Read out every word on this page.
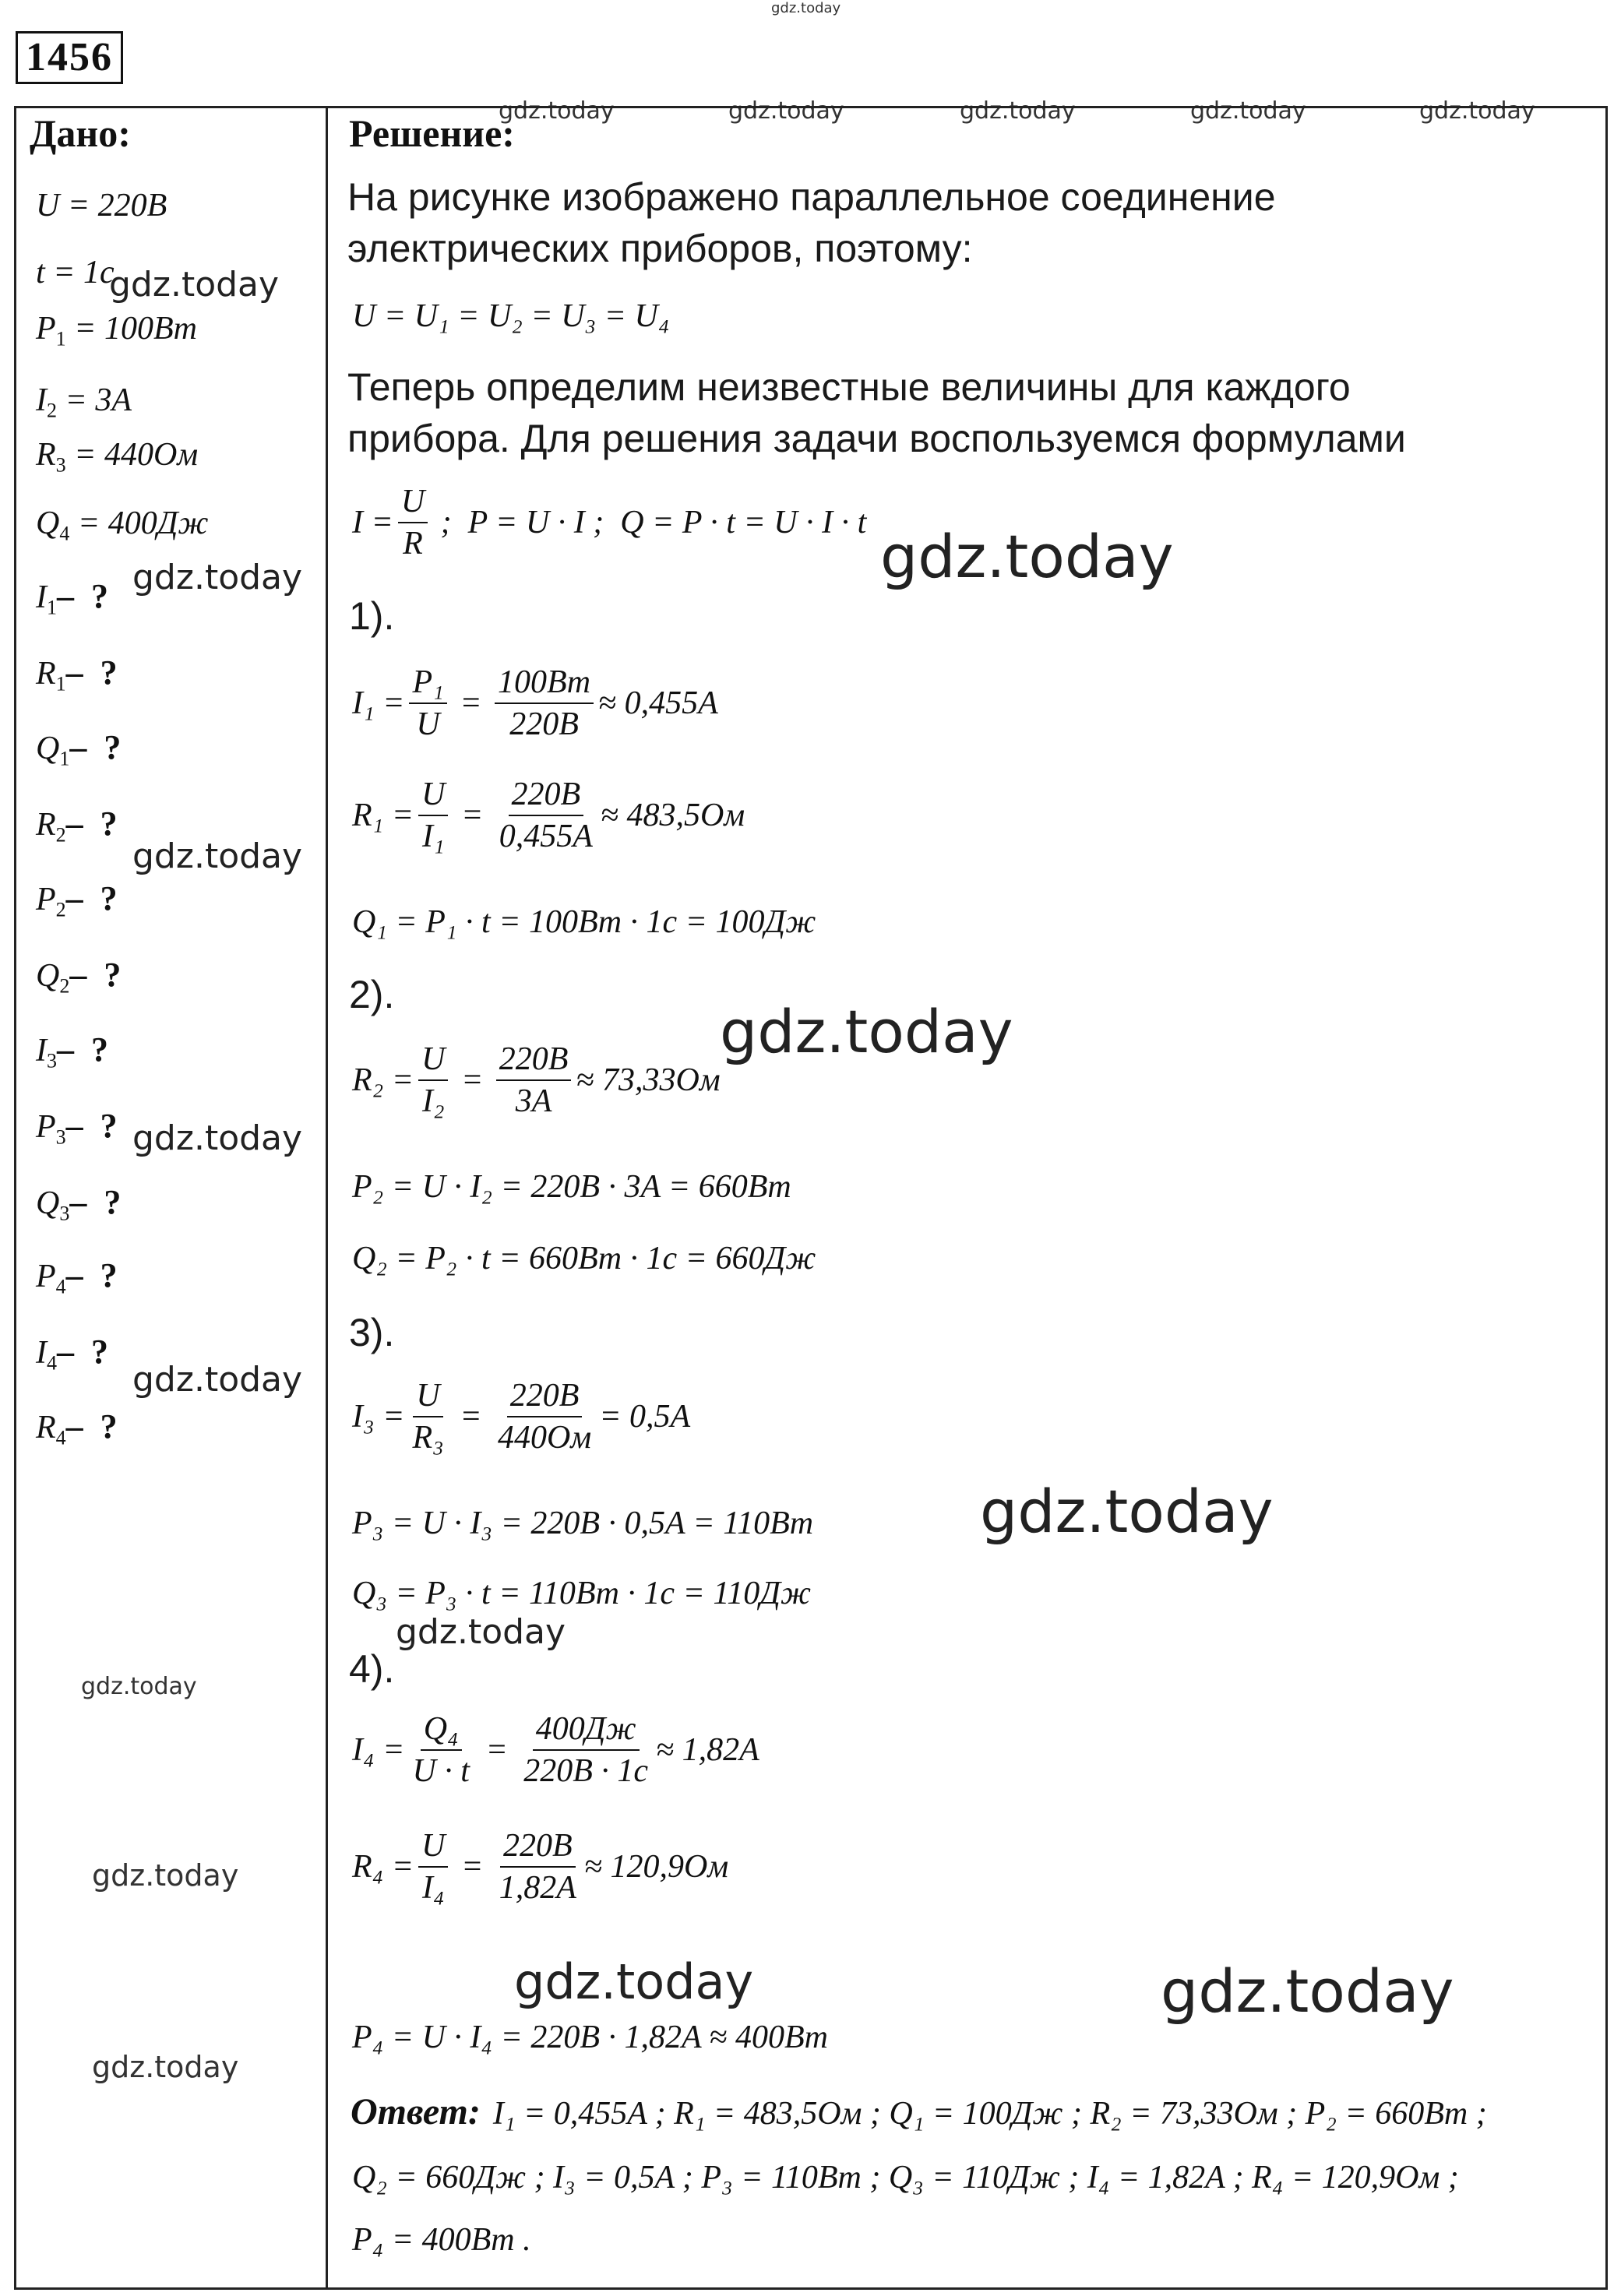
gdz.today
gdz.today	gdz.today	gdz.today	gdz.today	gdz.today
gdz.today
gdz.today
gdz.today
gdz.today
gdz.today
gdz.today
gdz.today
gdz.today
gdz.today
gdz.today
gdz.today
gdz.today
gdz.today
gdz.today
1456
Дано:
U = 220B
t = 1c
$P_1 = 100Bт$
$I_2 = 3A$
$R_3 = 440Ом$
$Q_4 = 400Дж$
$I_1-$  ?
$R_1-$  ?
$Q_1-$  ?
$R_2-$  ?
$P_2-$  ?
$Q_2-$  ?
$I_3-$  ?
$P_3-$  ?
$Q_3-$  ?
$P_4-$  ?
$I_4-$  ?
$R_4-$  ?
Решение:
На рисунке изображено параллельное соединение
электрических приборов, поэтому:
U = U₁ = U₂ = U₃ = U₄
Теперь определим неизвестные величины для каждого
прибора. Для решения задачи воспользуемся формулами
$I = \frac{U}{R}$ ;  P = U · I ;  Q = P · t = U · I · t
1).
$I_1 = \frac{\text{P₁}}{U} = \frac{100Bт}{220B} \approx 0,455A$
$R_1 = \frac{U}{\text{I₁}} = \frac{220B}{0,455A} \approx 483,5Ом$
Q₁ = P₁ · t = 100Bт · 1c = 100Дж
2).
$R_2 = \frac{U}{\text{I₂}} = \frac{220B}{3A} \approx 73,33Ом$
P₂ = U · I₂ = 220B · 3A = 660Bт
Q₂ = P₂ · t = 660Bт · 1c = 660Дж
3).
$I_3 = \frac{U}{\text{R₃}} = \frac{220B}{440Ом} = 0,5A$
P₃ = U · I₃ = 220B · 0,5A = 110Bт
Q₃ = P₃ · t = 110Bт · 1c = 110Дж
4).
$I_4 = \frac{\text{Q₄}}{U \cdot t} = \frac{400Дж}{220B \cdot 1c} \approx 1,82A$
$R_4 = \frac{U}{\text{I₄}} = \frac{220B}{1,82A} \approx 120,9Ом$
P₄ = U · I₄ = 220B · 1,82A ≈ 400Bт
Ответ: I₁ = 0,455A ; R₁ = 483,5Ом ; Q₁ = 100Дж ; R₂ = 73,33Ом ; P₂ = 660Bт ;
Q₂ = 660Дж ; I₃ = 0,5A ; P₃ = 110Bт ; Q₃ = 110Дж ; I₄ = 1,82A ; R₄ = 120,9Ом ;
P₄ = 400Bт .
